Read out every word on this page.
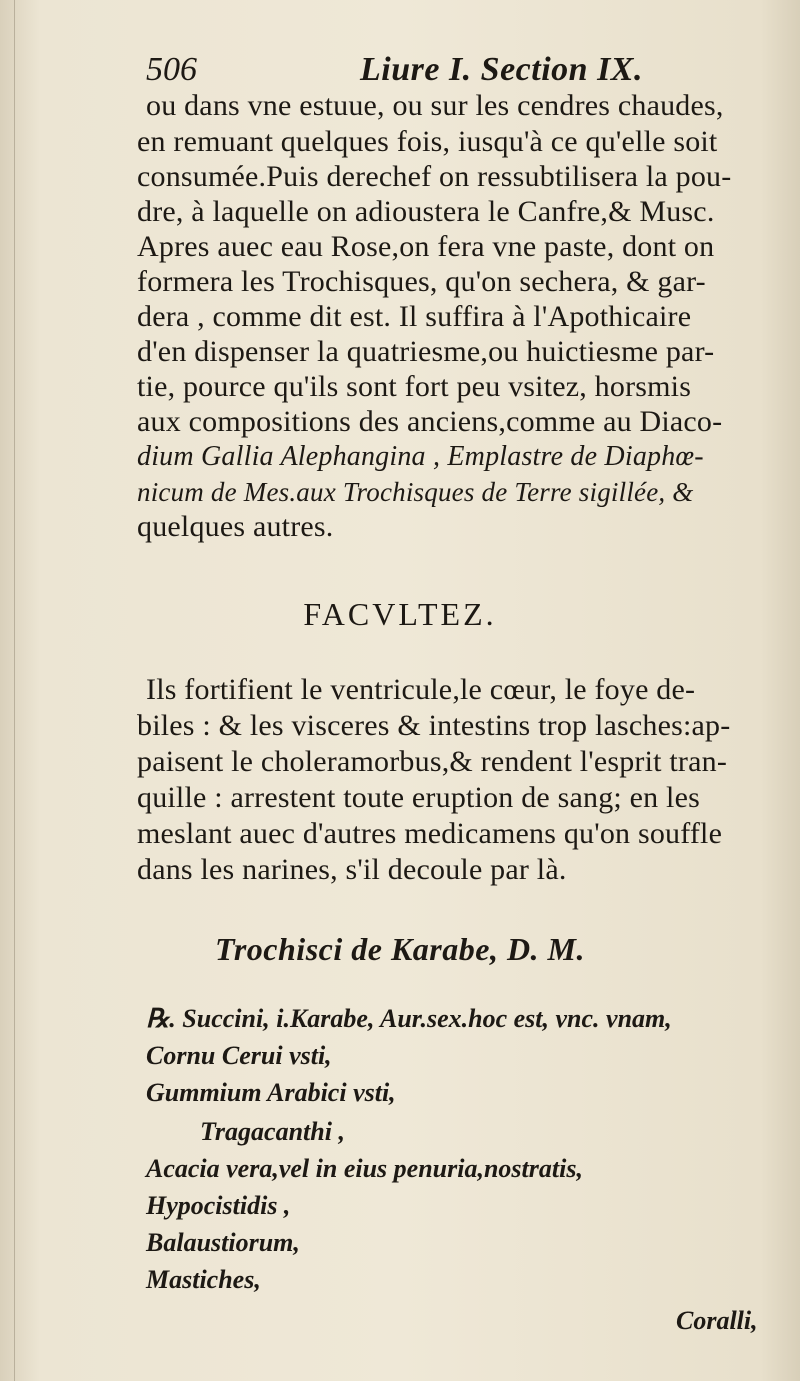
506	Liure I. Section IX.
ou dans vne estuue, ou sur les cendres chaudes,
en remuant quelques fois, iusqu'à ce qu'elle soit
consumée.Puis derechef on ressubtilisera la pou-
dre, à laquelle on adioustera le Canfre,& Musc.
Apres auec eau Rose,on fera vne paste, dont on
formera les Trochisques, qu'on sechera, & gar-
dera , comme dit est. Il suffira à l'Apothicaire
d'en dispenser la quatriesme,ou huictiesme par-
tie, pource qu'ils sont fort peu vsitez, horsmis
aux compositions des anciens,comme au Diaco-
dium Gallia Alephangina , Emplastre de Diaphœ-
nicum de Mes.aux Trochisques de Terre sigillée, &
quelques autres.
FACVLTEZ.
Ils fortifient le ventricule,le cœur, le foye de-
biles : & les visceres & intestins trop lasches:ap-
paisent le choleramorbus,& rendent l'esprit tran-
quille : arrestent toute eruption de sang; en les
meslant auec d'autres medicamens qu'on souffle
dans les narines, s'il decoule par là.
Trochisci de Karabe, D. M.
℞. Succini, i.Karabe, Aur.sex.hoc est, vnc. vnam,
Cornu Cerui vsti,
Gummium Arabici vsti,
Tragacanthi ,
Acacia vera,vel in eius penuria,nostratis,
Hypocistidis ,
Balaustiorum,
Mastiches,
Coralli,
